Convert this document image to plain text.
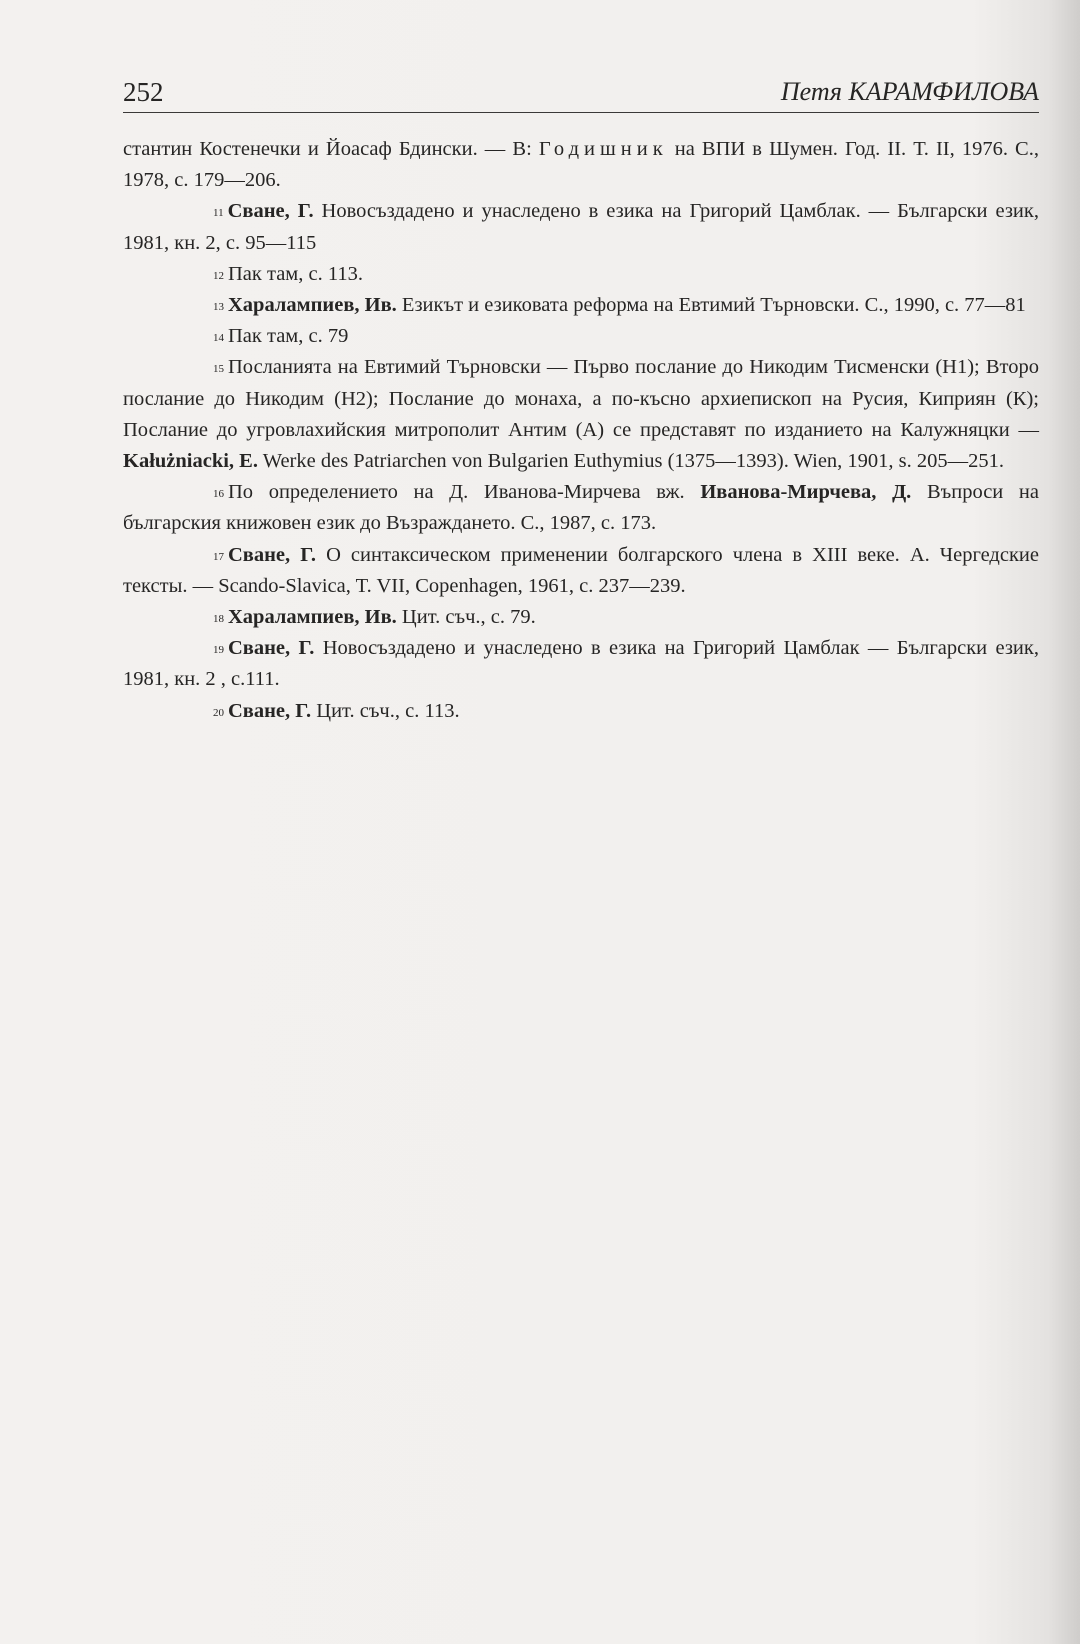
252	Петя КАРАМФИЛОВА

стантин Костенечки и Йоасаф Бдински. — В: Годишник на ВПИ в Шумен. Год. II. Т. II, 1976. С., 1978, с. 179—206.

$^{11}$ Сване, Г. Новосъздадено и унаследено в езика на Григорий Цамблак. — Български език, 1981, кн. 2, с. 95—115

$^{12}$ Пак там, с. 113.

$^{13}$ Харалампиев, Ив. Езикът и езиковата реформа на Евтимий Търновски. С., 1990, с. 77—81

$^{14}$ Пак там, с. 79

$^{15}$ Посланията на Евтимий Търновски — Първо послание до Никодим Тисменски (Н1); Второ послание до Никодим (Н2); Послание до монаха, а по-късно архиепископ на Русия, Киприян (К); Послание до угровлахийския митрополит Антим (А) се представят по изданието на Калужняцки — Kałużniacki, E. Werke des Patriarchen von Bulgarien Euthymius (1375—1393). Wien, 1901, s. 205—251.

$^{16}$ По определението на Д. Иванова-Мирчева вж. Иванова-Мирчева, Д. Въпроси на българския книжовен език до Възраждането. С., 1987, с. 173.

$^{17}$ Сване, Г. О синтаксическом применении болгарского члена в XIII веке. А. Чергедские тексты. — Scando-Slavica, T. VII, Copenhagen, 1961, с. 237—239.

$^{18}$ Харалампиев, Ив. Цит. съч., с. 79.

$^{19}$ Сване, Г. Новосъздадено и унаследено в езика на Григорий Цамблак — Български език, 1981, кн. 2 , с.111.

$^{20}$ Сване, Г. Цит. съч., с. 113.
